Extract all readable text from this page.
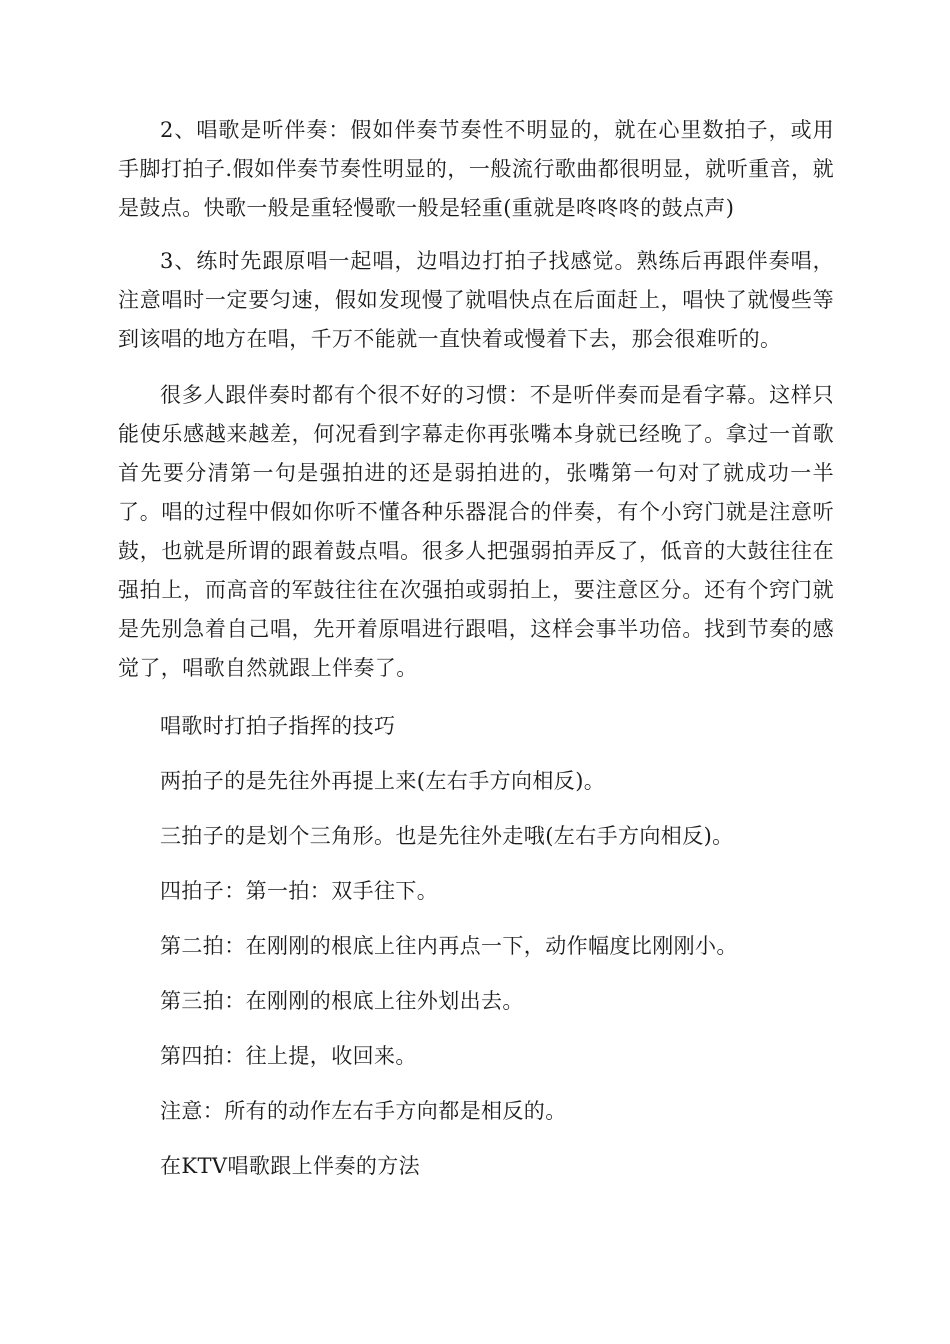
2、唱歌是听伴奏：假如伴奏节奏性不明显的，就在心里数拍子，或用手脚打拍子.假如伴奏节奏性明显的，一般流行歌曲都很明显，就听重音，就是鼓点。快歌一般是重轻慢歌一般是轻重(重就是咚咚咚的鼓点声)

3、练时先跟原唱一起唱，边唱边打拍子找感觉。熟练后再跟伴奏唱，注意唱时一定要匀速，假如发现慢了就唱快点在后面赶上，唱快了就慢些等到该唱的地方在唱，千万不能就一直快着或慢着下去，那会很难听的。

很多人跟伴奏时都有个很不好的习惯：不是听伴奏而是看字幕。这样只能使乐感越来越差，何况看到字幕走你再张嘴本身就已经晚了。拿过一首歌首先要分清第一句是强拍进的还是弱拍进的，张嘴第一句对了就成功一半了。唱的过程中假如你听不懂各种乐器混合的伴奏，有个小窍门就是注意听鼓，也就是所谓的跟着鼓点唱。很多人把强弱拍弄反了，低音的大鼓往往在强拍上，而高音的军鼓往往在次强拍或弱拍上，要注意区分。还有个窍门就是先别急着自己唱，先开着原唱进行跟唱，这样会事半功倍。找到节奏的感觉了，唱歌自然就跟上伴奏了。

唱歌时打拍子指挥的技巧

两拍子的是先往外再提上来(左右手方向相反)。

三拍子的是划个三角形。也是先往外走哦(左右手方向相反)。

四拍子：第一拍：双手往下。

第二拍：在刚刚的根底上往内再点一下，动作幅度比刚刚小。

第三拍：在刚刚的根底上往外划出去。

第四拍：往上提，收回来。

注意：所有的动作左右手方向都是相反的。

在KTV唱歌跟上伴奏的方法
